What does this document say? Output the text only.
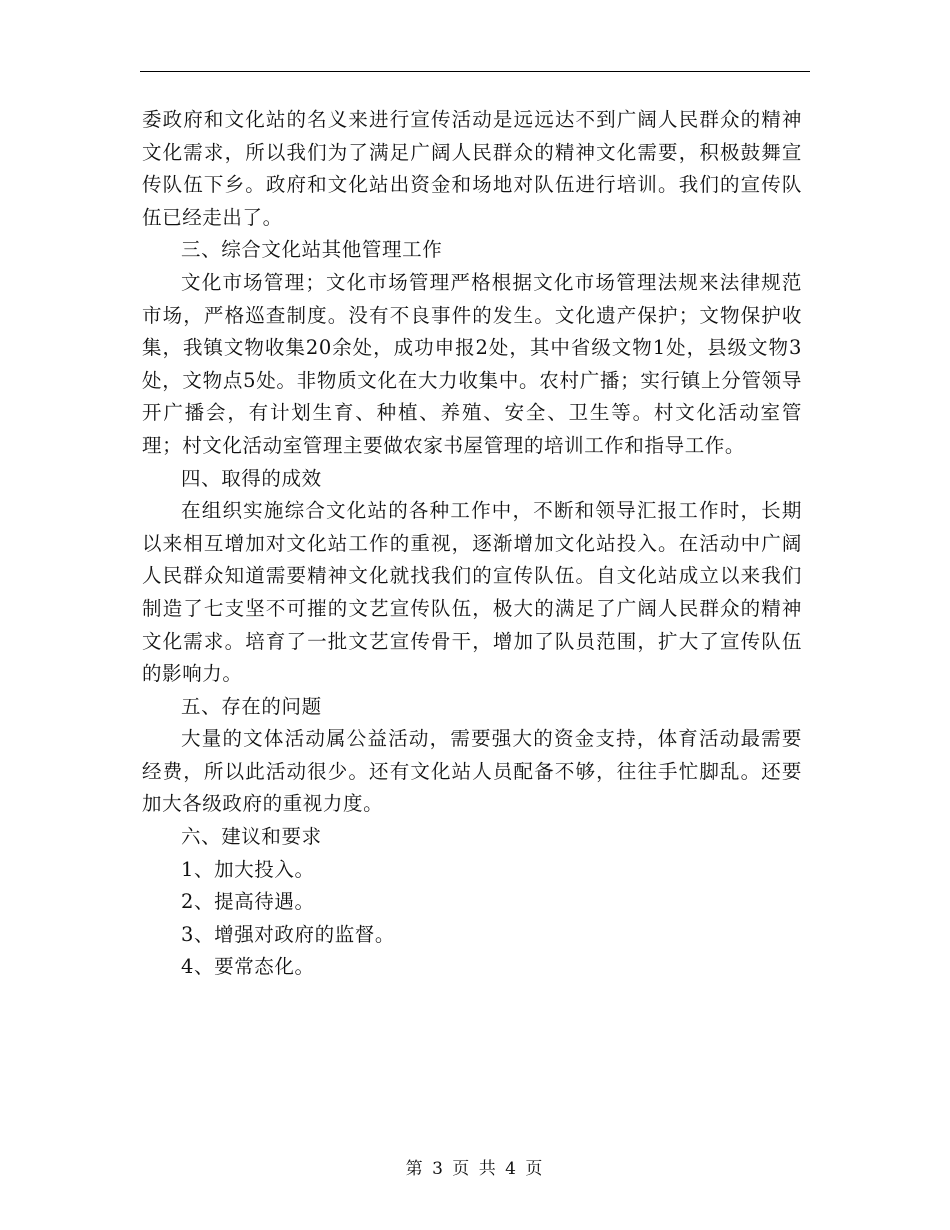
委政府和文化站的名义来进行宣传活动是远远达不到广阔人民群众的精神文化需求，所以我们为了满足广阔人民群众的精神文化需要，积极鼓舞宣传队伍下乡。政府和文化站出资金和场地对队伍进行培训。我们的宣传队伍已经走出了。

三、综合文化站其他管理工作

文化市场管理；文化市场管理严格根据文化市场管理法规来法律规范市场，严格巡查制度。没有不良事件的发生。文化遗产保护；文物保护收集，我镇文物收集20余处，成功申报2处，其中省级文物1处，县级文物3处，文物点5处。非物质文化在大力收集中。农村广播；实行镇上分管领导开广播会，有计划生育、种植、养殖、安全、卫生等。村文化活动室管理；村文化活动室管理主要做农家书屋管理的培训工作和指导工作。

四、取得的成效

在组织实施综合文化站的各种工作中，不断和领导汇报工作时，长期以来相互增加对文化站工作的重视，逐渐增加文化站投入。在活动中广阔人民群众知道需要精神文化就找我们的宣传队伍。自文化站成立以来我们制造了七支坚不可摧的文艺宣传队伍，极大的满足了广阔人民群众的精神文化需求。培育了一批文艺宣传骨干，增加了队员范围，扩大了宣传队伍的影响力。

五、存在的问题

大量的文体活动属公益活动，需要强大的资金支持，体育活动最需要经费，所以此活动很少。还有文化站人员配备不够，往往手忙脚乱。还要加大各级政府的重视力度。

六、建议和要求

1、加大投入。

2、提高待遇。

3、增强对政府的监督。

4、要常态化。

第 3 页 共 4 页
